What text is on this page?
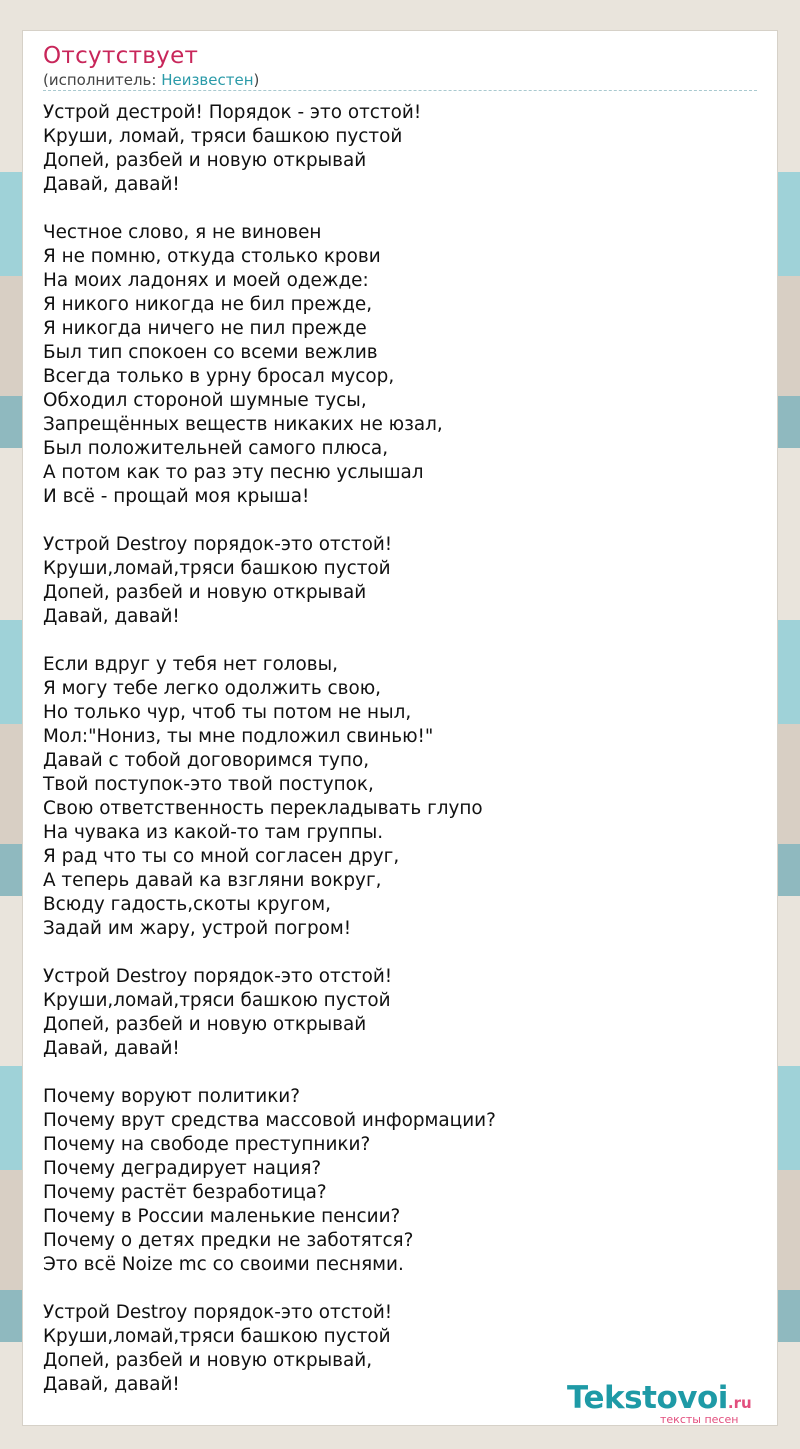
Отсутствует
(исполнитель: Неизвестен)
Устрой дестрой! Порядок - это отстой!
Круши, ломай, тряси башкою пустой
Допей, разбей и новую открывай
Давай, давай!
Честное слово, я не виновен
Я не помню, откуда столько крови
На моих ладонях и моей одежде:
Я никого никогда не бил прежде,
Я никогда ничего не пил прежде
Был тип спокоен со всеми вежлив
Всегда только в урну бросал мусор,
Обходил стороной шумные тусы,
Запрещённых веществ никаких не юзал,
Был положительней самого плюса,
А потом как то раз эту песню услышал
И всё - прощай моя крыша!
Устрой Destroy порядок-это отстой!
Круши,ломай,тряси башкою пустой
Допей, разбей и новую открывай
Давай, давай!
Если вдруг у тебя нет головы,
Я могу тебе легко одолжить свою,
Но только чур, чтоб ты потом не ныл,
Мол:"Нониз, ты мне подложил свинью!"
Давай с тобой договоримся тупо,
Твой поступок-это твой поступок,
Свою ответственность перекладывать глупо
На чувака из какой-то там группы.
Я рад что ты со мной согласен друг,
А теперь давай ка взгляни вокруг,
Всюду гадость,скоты кругом,
Задай им жару, устрой погром!
Устрой Destroy порядок-это отстой!
Круши,ломай,тряси башкою пустой
Допей, разбей и новую открывай
Давай, давай!
Почему воруют политики?
Почему врут средства массовой информации?
Почему на свободе преступники?
Почему деградирует нация?
Почему растёт безработица?
Почему в России маленькие пенсии?
Почему о детях предки не заботятся?
Это всё Noize mc со своими песнями.
Устрой Destroy порядок-это отстой!
Круши,ломай,тряси башкою пустой
Допей, разбей и новую открывай,
Давай, давай!	Tekstovoi.ru
тексты песен
